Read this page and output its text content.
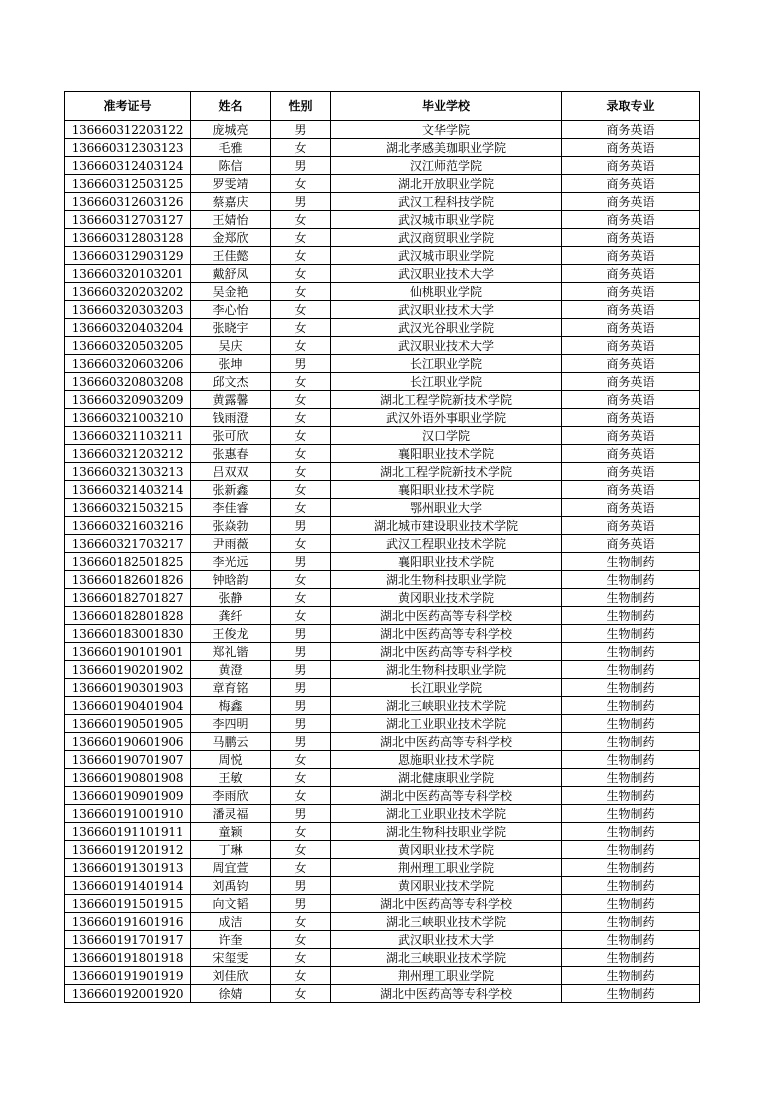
准考证号	姓名	性别	毕业学校	录取专业
136660312203122	庞城亮	男	文华学院	商务英语
136660312303123	毛雅	女	湖北孝感美珈职业学院	商务英语
136660312403124	陈信	男	汉江师范学院	商务英语
136660312503125	罗雯靖	女	湖北开放职业学院	商务英语
136660312603126	蔡嘉庆	男	武汉工程科技学院	商务英语
136660312703127	王婧怡	女	武汉城市职业学院	商务英语
136660312803128	金郑欣	女	武汉商贸职业学院	商务英语
136660312903129	王佳懿	女	武汉城市职业学院	商务英语
136660320103201	戴舒凤	女	武汉职业技术大学	商务英语
136660320203202	吴金艳	女	仙桃职业学院	商务英语
136660320303203	李心怡	女	武汉职业技术大学	商务英语
136660320403204	张晓宇	女	武汉光谷职业学院	商务英语
136660320503205	吴庆	女	武汉职业技术大学	商务英语
136660320603206	张坤	男	长江职业学院	商务英语
136660320803208	邱文杰	女	长江职业学院	商务英语
136660320903209	黄露馨	女	湖北工程学院新技术学院	商务英语
136660321003210	钱雨澄	女	武汉外语外事职业学院	商务英语
136660321103211	张可欣	女	汉口学院	商务英语
136660321203212	张惠春	女	襄阳职业技术学院	商务英语
136660321303213	吕双双	女	湖北工程学院新技术学院	商务英语
136660321403214	张新鑫	女	襄阳职业技术学院	商务英语
136660321503215	李佳睿	女	鄂州职业大学	商务英语
136660321603216	张焱勃	男	湖北城市建设职业技术学院	商务英语
136660321703217	尹雨薇	女	武汉工程职业技术学院	商务英语
136660182501825	李光远	男	襄阳职业技术学院	生物制药
136660182601826	钟晗韵	女	湖北生物科技职业学院	生物制药
136660182701827	张静	女	黄冈职业技术学院	生物制药
136660182801828	龚纤	女	湖北中医药高等专科学校	生物制药
136660183001830	王俊龙	男	湖北中医药高等专科学校	生物制药
136660190101901	郑礼锴	男	湖北中医药高等专科学校	生物制药
136660190201902	黄澄	男	湖北生物科技职业学院	生物制药
136660190301903	章育铭	男	长江职业学院	生物制药
136660190401904	梅鑫	男	湖北三峡职业技术学院	生物制药
136660190501905	李四明	男	湖北工业职业技术学院	生物制药
136660190601906	马鹏云	男	湖北中医药高等专科学校	生物制药
136660190701907	周悦	女	恩施职业技术学院	生物制药
136660190801908	王敏	女	湖北健康职业学院	生物制药
136660190901909	李雨欣	女	湖北中医药高等专科学校	生物制药
136660191001910	潘灵福	男	湖北工业职业技术学院	生物制药
136660191101911	童颖	女	湖北生物科技职业学院	生物制药
136660191201912	丁琳	女	黄冈职业技术学院	生物制药
136660191301913	周宜萱	女	荆州理工职业学院	生物制药
136660191401914	刘禹钧	男	黄冈职业技术学院	生物制药
136660191501915	向文韬	男	湖北中医药高等专科学校	生物制药
136660191601916	成洁	女	湖北三峡职业技术学院	生物制药
136660191701917	许奎	女	武汉职业技术大学	生物制药
136660191801918	宋玺雯	女	湖北三峡职业技术学院	生物制药
136660191901919	刘佳欣	女	荆州理工职业学院	生物制药
136660192001920	徐婧	女	湖北中医药高等专科学校	生物制药
